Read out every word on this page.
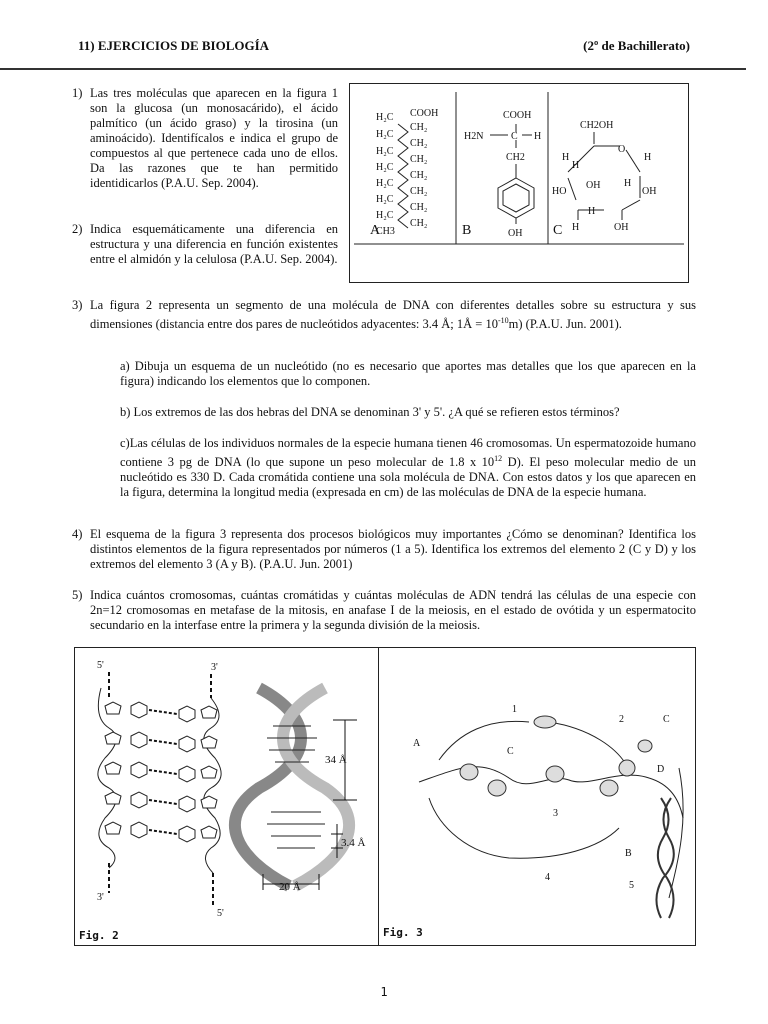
11) EJERCICIOS DE BIOLOGÍA	(2º de Bachillerato)
1) Las tres moléculas que aparecen en la figura 1 son la glucosa (un monosacárido), el ácido palmítico (un ácido graso) y la tirosina (un aminoácido). Identifícalos e indica el grupo de compuestos al que pertenece cada uno de ellos. Da las razones que te han permitido identidicarlos (P.A.U. Sep. 2004).
2) Indica esquemáticamente una diferencia en estructura y una diferencia en función existentes entre el almidón y la celulosa (P.A.U. Sep. 2004).
COOH
H₂C
CH₂
H₂C
CH₂
H₂C
CH₂
H₂C
CH₂
H₂C
CH₂
H₂C
CH₂
H₂C
CH₂
CH3
COOH
H2N	C H
CH2
OH
CH2OH
O
H
H
H
H
OH
OH
HO
H
H	OH
A	B	C
3) La figura 2 representa un segmento de una molécula de DNA con diferentes detalles sobre su estructura y sus dimensiones (distancia entre dos pares de nucleótidos adyacentes: 3.4 Å; 1Å = $10^{-10}m$) (P.A.U. Jun. 2001).
a) Dibuja un esquema de un nucleótido (no es necesario que aportes mas detalles que los que aparecen en la figura) indicando los elementos que lo componen.
b) Los extremos de las dos hebras del DNA se denominan 3' y 5'. ¿A qué se refieren estos términos?
c)Las células de los individuos normales de la especie humana tienen 46 cromosomas. Un espermatozoide humano contiene 3 pg de DNA (lo que supone un peso molecular de 1.8 x $10^{12}$ D). El peso molecular medio de un nucleótido es 330 D. Cada cromátida contiene una sola molécula de DNA. Con estos datos y los que aparecen en la figura, determina la longitud media (expresada en cm) de las moléculas de DNA de la especie humana.
4) El esquema de la figura 3 representa dos procesos biológicos muy importantes ¿Cómo se denominan? Identifica los distintos elementos de la figura representados por números (1 a 5). Identifica los extremos del elemento 2 (C y D) y los extremos del elemento 3 (A y B). (P.A.U. Jun. 2001)
5) Indica cuántos cromosomas, cuántas cromátidas y cuántas moléculas de ADN tendrá las células de una especie con 2n=12 cromosomas en metafase de la mitosis, en anafase I de la meiosis, en el estado de ovótida y un espermatocito secundario en la interfase entre la primera y la segunda división de la meiosis.
5'	3'
3'
5'
34 Å
3.4 Å
20 Å
Fig. 2
1
2
3
4
5
A
B
C
C
D
Fig. 3
1
